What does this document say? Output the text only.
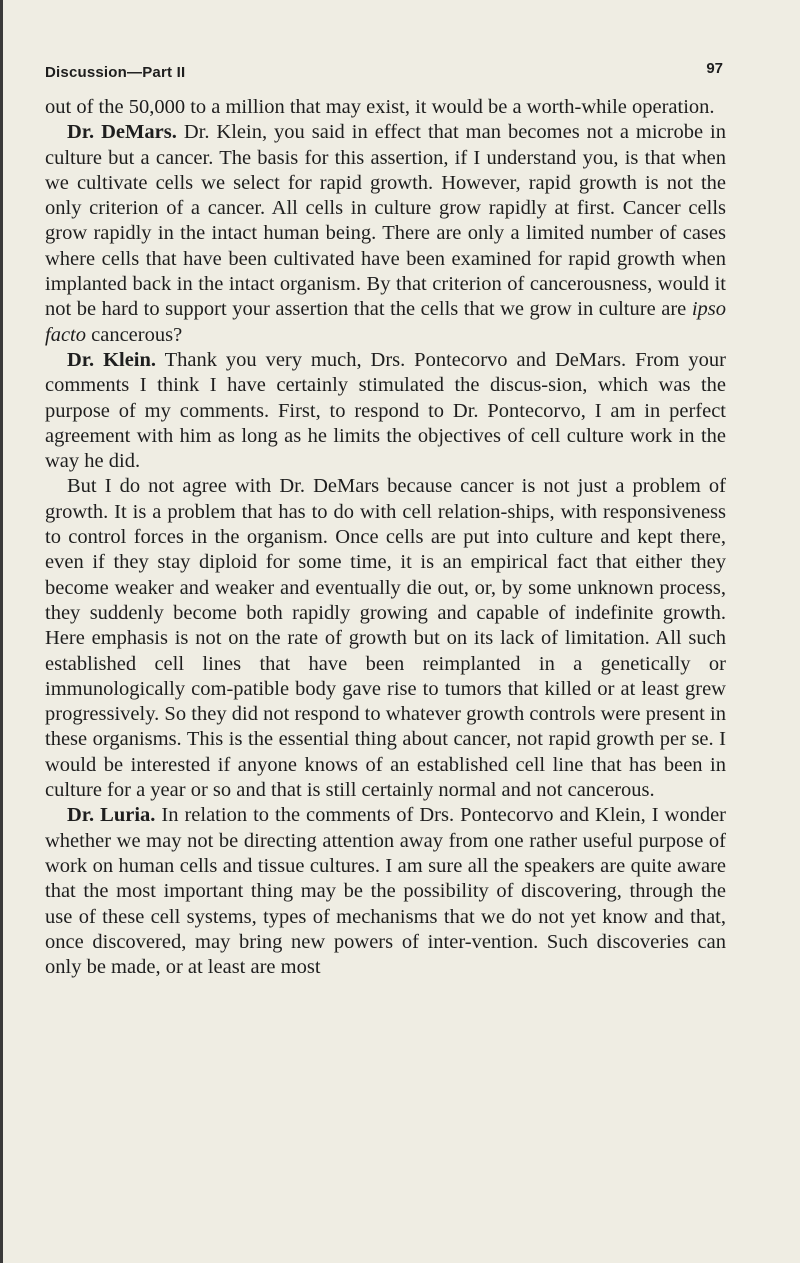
Discussion—Part II	97

out of the 50,000 to a million that may exist, it would be a worth-while operation.

Dr. DeMars. Dr. Klein, you said in effect that man becomes not a microbe in culture but a cancer. The basis for this assertion, if I understand you, is that when we cultivate cells we select for rapid growth. However, rapid growth is not the only criterion of a cancer. All cells in culture grow rapidly at first. Cancer cells grow rapidly in the intact human being. There are only a limited number of cases where cells that have been cultivated have been examined for rapid growth when implanted back in the intact organism. By that criterion of cancerousness, would it not be hard to support your assertion that the cells that we grow in culture are ipso facto cancerous?

Dr. Klein. Thank you very much, Drs. Pontecorvo and DeMars. From your comments I think I have certainly stimulated the discus-sion, which was the purpose of my comments. First, to respond to Dr. Pontecorvo, I am in perfect agreement with him as long as he limits the objectives of cell culture work in the way he did.

But I do not agree with Dr. DeMars because cancer is not just a problem of growth. It is a problem that has to do with cell relation-ships, with responsiveness to control forces in the organism. Once cells are put into culture and kept there, even if they stay diploid for some time, it is an empirical fact that either they become weaker and weaker and eventually die out, or, by some unknown process, they suddenly become both rapidly growing and capable of indefinite growth. Here emphasis is not on the rate of growth but on its lack of limitation. All such established cell lines that have been reimplanted in a genetically or immunologically com-patible body gave rise to tumors that killed or at least grew progressively. So they did not respond to whatever growth controls were present in these organisms. This is the essential thing about cancer, not rapid growth per se. I would be interested if anyone knows of an established cell line that has been in culture for a year or so and that is still certainly normal and not cancerous.

Dr. Luria. In relation to the comments of Drs. Pontecorvo and Klein, I wonder whether we may not be directing attention away from one rather useful purpose of work on human cells and tissue cultures. I am sure all the speakers are quite aware that the most important thing may be the possibility of discovering, through the use of these cell systems, types of mechanisms that we do not yet know and that, once discovered, may bring new powers of inter-vention. Such discoveries can only be made, or at least are most
